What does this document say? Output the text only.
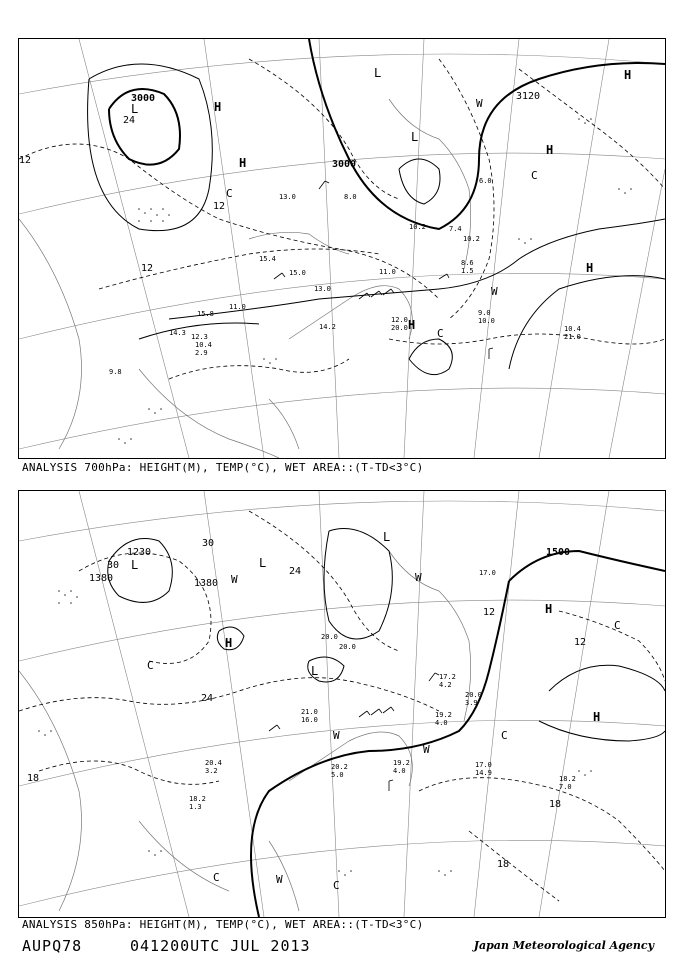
3000
3000
3120
12
12
12
24
L
L
L
H
H
H
H
H
H
W
W
C
C
C
15.8
9.8
14.3 12.3
10.2
11.0
11.0
15.4
13.0
14.2
15.0
13.0
10.4
21.0
12.0
20.0
9.0
10.0
6.0
8.0
7.4
10.2
8.6
1.5
10.4
2.9
ANALYSIS 700hPa: HEIGHT(M), TEMP(°C), WET AREA::(T-TD<3°C)
1230
1380	1380
1500
30
30
24
24
18
18
18
12
12
L	L
L
L
H
H
H
W	W
W
W
W
C
C
C
C
C
20.0
20.0
21.0
16.0
19.2
4.0
17.0
14.9
17.2
4.2
20.0
3.9
18.2
7.0
19.2
4.0
18.2
1.3
20.2
5.0
17.0
20.4
3.2
ANALYSIS 850hPa: HEIGHT(M), TEMP(°C), WET AREA::(T-TD<3°C)
AUPQ78	041200UTC JUL 2013	Japan Meteorological Agency
